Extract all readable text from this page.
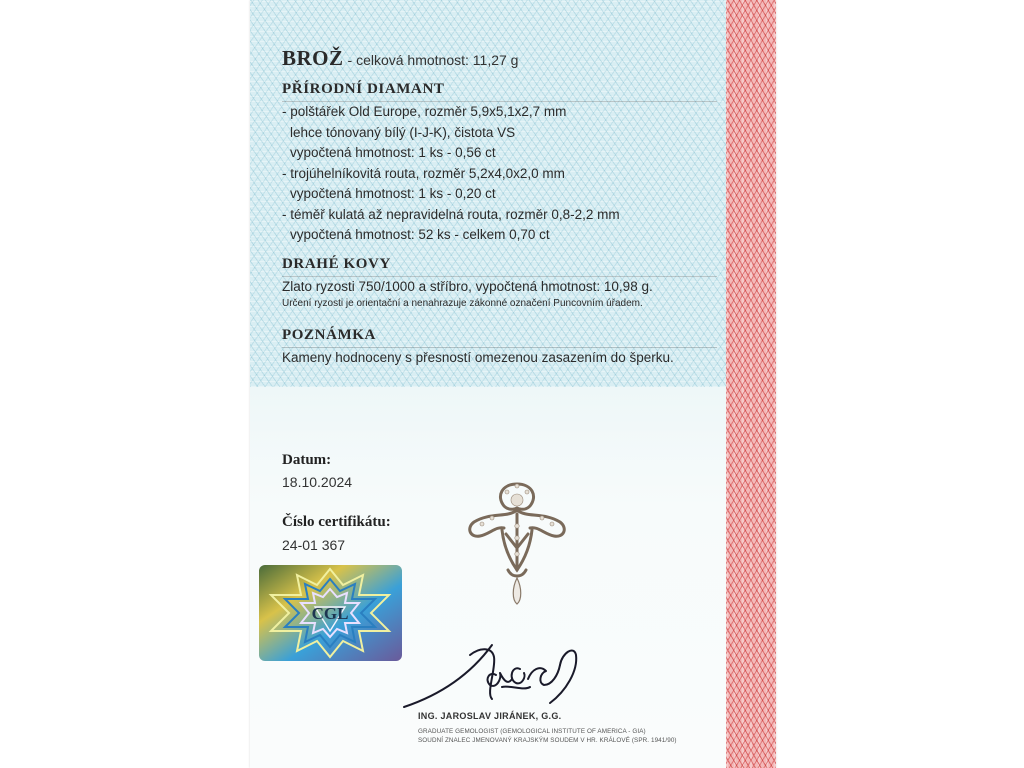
BROŽ - celková hmotnost: 11,27 g
PŘÍRODNÍ DIAMANT
- polštářek Old Europe, rozměr 5,9x5,1x2,7 mm
lehce tónovaný bílý (I-J-K), čistota VS
vypočtená hmotnost: 1 ks - 0,56 ct
- trojúhelníkovitá routa, rozměr 5,2x4,0x2,0 mm
vypočtená hmotnost: 1 ks - 0,20 ct
- téměř kulatá až nepravidelná routa, rozměr 0,8-2,2 mm
vypočtená hmotnost: 52 ks - celkem 0,70 ct
DRAHÉ KOVY
Zlato ryzosti 750/1000 a stříbro, vypočtená hmotnost: 10,98 g.
Určení ryzosti je orientační a nenahrazuje zákonné označení Puncovním úřadem.
POZNÁMKA
Kameny hodnoceny s přesností omezenou zasazením do šperku.
Datum:
18.10.2024
Číslo certifikátu:
24-01 367
CGL
ING. JAROSLAV JIRÁNEK, G.G.
GRADUATE GEMOLOGIST (GEMOLOGICAL INSTITUTE OF AMERICA - GIA)
SOUDNÍ ZNALEC JMENOVANÝ KRAJSKÝM SOUDEM V HR. KRÁLOVÉ (SPR. 1941/90)
